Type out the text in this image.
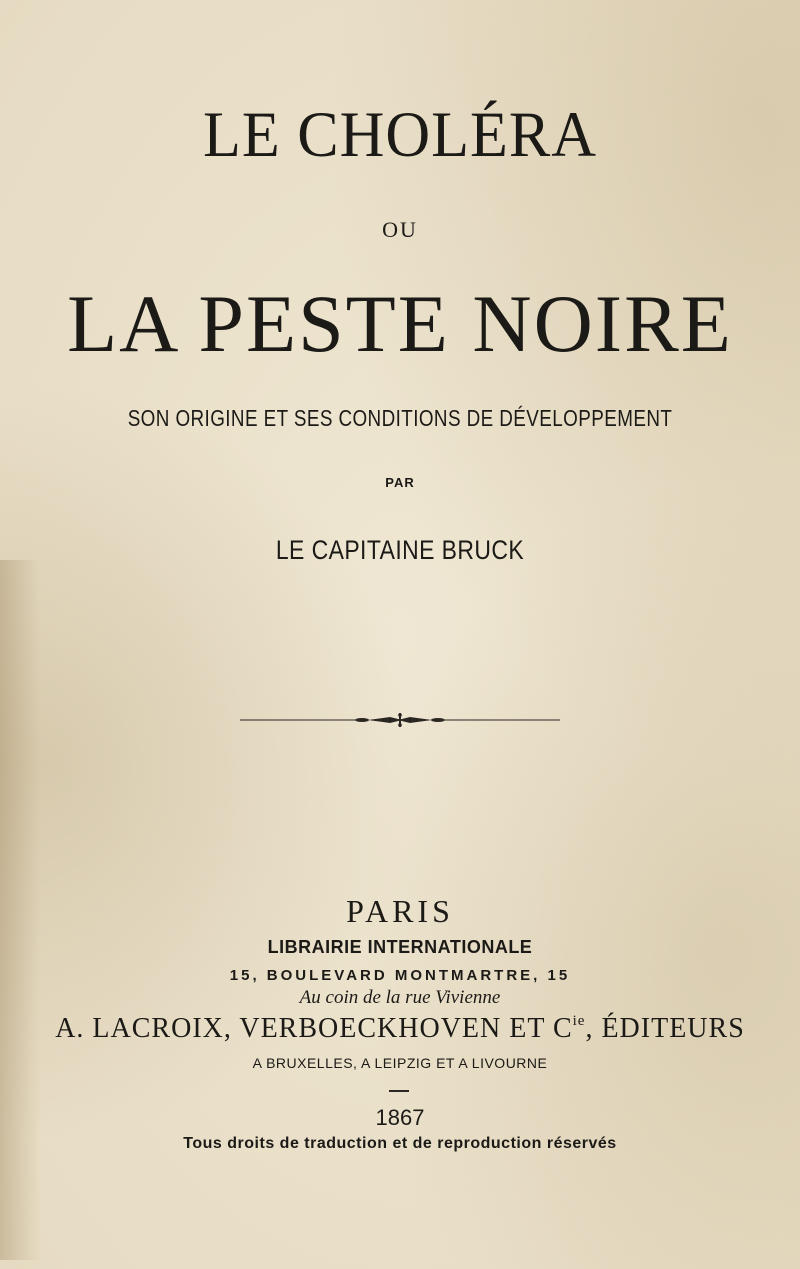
LE CHOLÉRA
OU
LA PESTE NOIRE
SON ORIGINE ET SES CONDITIONS DE DÉVELOPPEMENT
PAR
LE CAPITAINE BRUCK
PARIS
LIBRAIRIE INTERNATIONALE
15, BOULEVARD MONTMARTRE, 15
Au coin de la rue Vivienne
A. LACROIX, VERBOECKHOVEN ET $C^{ie}$, ÉDITEURS
A BRUXELLES, A LEIPZIG ET A LIVOURNE
1867
Tous droits de traduction et de reproduction réservés
